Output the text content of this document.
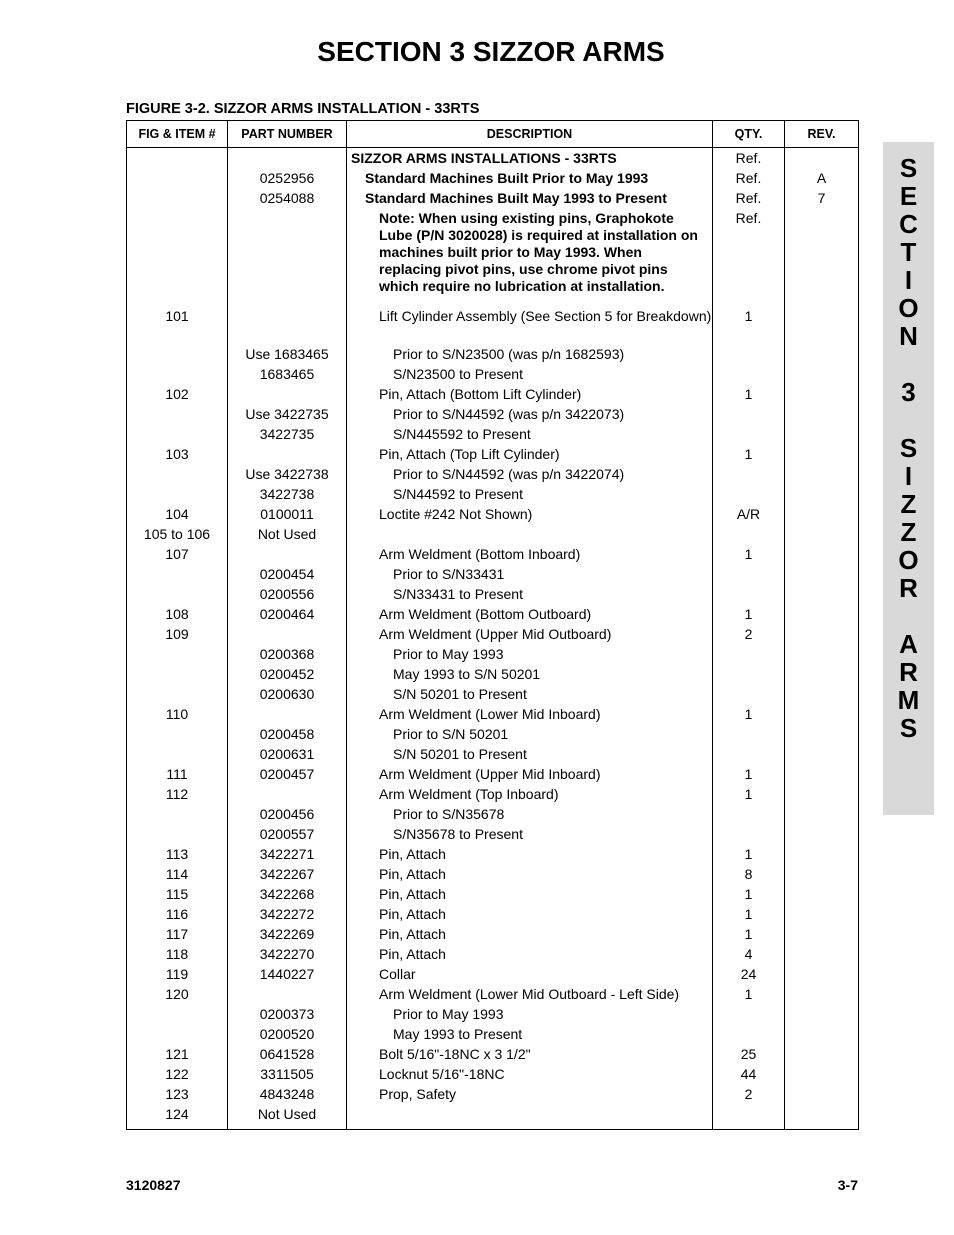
SECTION 3 SIZZOR ARMS
FIGURE 3-2. SIZZOR ARMS INSTALLATION - 33RTS
FIG & ITEM #	PART NUMBER	DESCRIPTION	QTY.	REV.
		SIZZOR ARMS INSTALLATIONS - 33RTS	Ref.	
	0252956	Standard Machines Built Prior to May 1993	Ref.	A
	0254088	Standard Machines Built May 1993 to Present	Ref.	7
		Note: When using existing pins, Graphokote Lube (P/N 3020028) is required at installation on machines built prior to May 1993. When replacing pivot pins, use chrome pivot pins which require no lubrication at installation.	Ref.	
101		Lift Cylinder Assembly (See Section 5 for Breakdown)	1	
	Use 1683465	Prior to S/N23500 (was p/n 1682593)		
	1683465	S/N23500 to Present		
102		Pin, Attach (Bottom Lift Cylinder)	1	
	Use 3422735	Prior to S/N44592 (was p/n 3422073)		
	3422735	S/N445592 to Present		
103		Pin, Attach (Top Lift Cylinder)	1	
	Use 3422738	Prior to S/N44592 (was p/n 3422074)		
	3422738	S/N44592 to Present		
104	0100011	Loctite #242 Not Shown)	A/R	
105 to 106	Not Used			
107		Arm Weldment (Bottom Inboard)	1	
	0200454	Prior to S/N33431		
	0200556	S/N33431 to Present		
108	0200464	Arm Weldment (Bottom Outboard)	1	
109		Arm Weldment (Upper Mid Outboard)	2	
	0200368	Prior to May 1993		
	0200452	May 1993 to S/N 50201		
	0200630	S/N 50201 to Present		
110		Arm Weldment (Lower Mid Inboard)	1	
	0200458	Prior to S/N 50201		
	0200631	S/N 50201 to Present		
111	0200457	Arm Weldment (Upper Mid Inboard)	1	
112		Arm Weldment (Top Inboard)	1	
	0200456	Prior to S/N35678		
	0200557	S/N35678 to Present		
113	3422271	Pin, Attach	1	
114	3422267	Pin, Attach	8	
115	3422268	Pin, Attach	1	
116	3422272	Pin, Attach	1	
117	3422269	Pin, Attach	1	
118	3422270	Pin, Attach	4	
119	1440227	Collar	24	
120		Arm Weldment (Lower Mid Outboard - Left Side)	1	
	0200373	Prior to May 1993		
	0200520	May 1993 to Present		
121	0641528	Bolt 5/16"-18NC x 3 1/2"	25	
122	3311505	Locknut 5/16"-18NC	44	
123	4843248	Prop, Safety	2	
124	Not Used			
S
E
C
T
I
O
N
3
S
I
Z
Z
O
R
A
R
M
S
3120827	3-7
